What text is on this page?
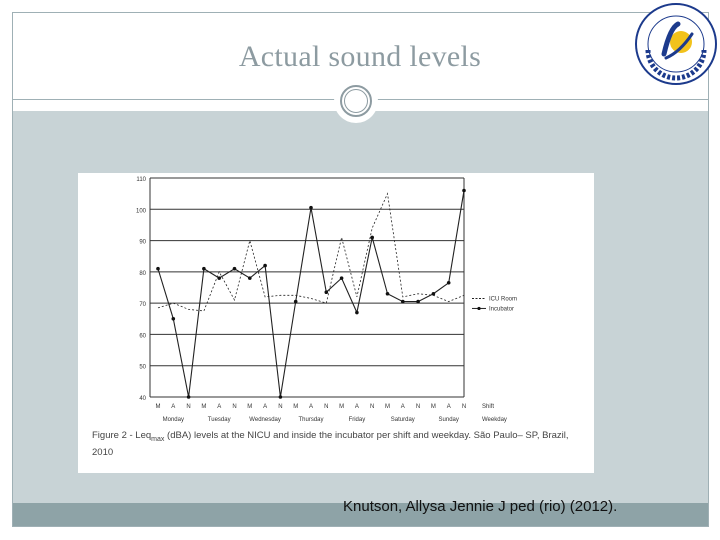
Actual sound levels
40
50
60
70
80
90
100
110
M A N M A N M A N M A N M A N M A N M A N	Shift
Weekday
Monday	Tuesday	Wednesday	Thursday	Friday	Saturday	Sunday
ICU Room
Incubator
Figure 2 - Leq$_{max}$ (dBA) levels at the NICU and inside the incubator per shift and weekday. São Paulo– SP, Brazil,
2010
Knutson, Allysa Jennie J ped (rio) (2012).
